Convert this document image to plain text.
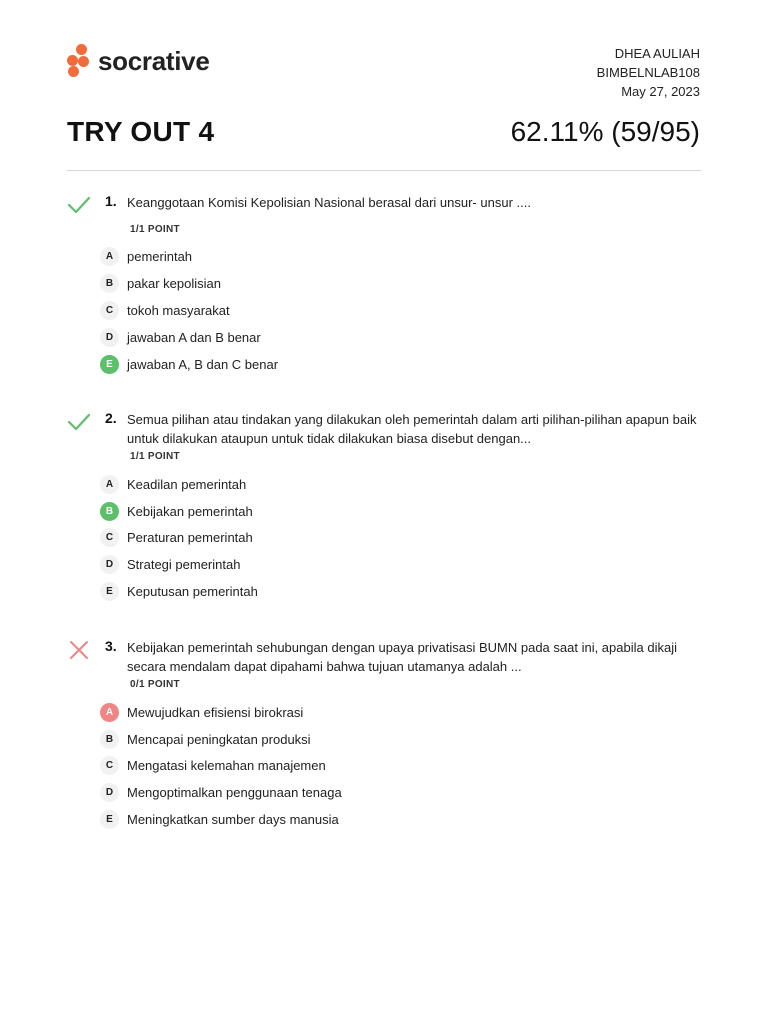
socrative	DHEA AULIAH
BIMBELNLAB108
May 27, 2023
TRY OUT 4	62.11% (59/95)
1. Keanggotaan Komisi Kepolisian Nasional berasal dari unsur- unsur ....
1/1 POINT
A	pemerintah
B	pakar kepolisian
C	tokoh masyarakat
D	jawaban A dan B benar
E	jawaban A, B dan C benar
2. Semua pilihan atau tindakan yang dilakukan oleh pemerintah dalam arti pilihan-pilihan apapun baik untuk dilakukan ataupun untuk tidak dilakukan biasa disebut dengan...
1/1 POINT
A	Keadilan pemerintah
B	Kebijakan pemerintah
C	Peraturan pemerintah
D	Strategi pemerintah
E	Keputusan pemerintah
3. Kebijakan pemerintah sehubungan dengan upaya privatisasi BUMN pada saat ini, apabila dikaji secara mendalam dapat dipahami bahwa tujuan utamanya adalah ...
0/1 POINT
A	Mewujudkan efisiensi birokrasi
B	Mencapai peningkatan produksi
C	Mengatasi kelemahan manajemen
D	Mengoptimalkan penggunaan tenaga
E	Meningkatkan sumber days manusia
